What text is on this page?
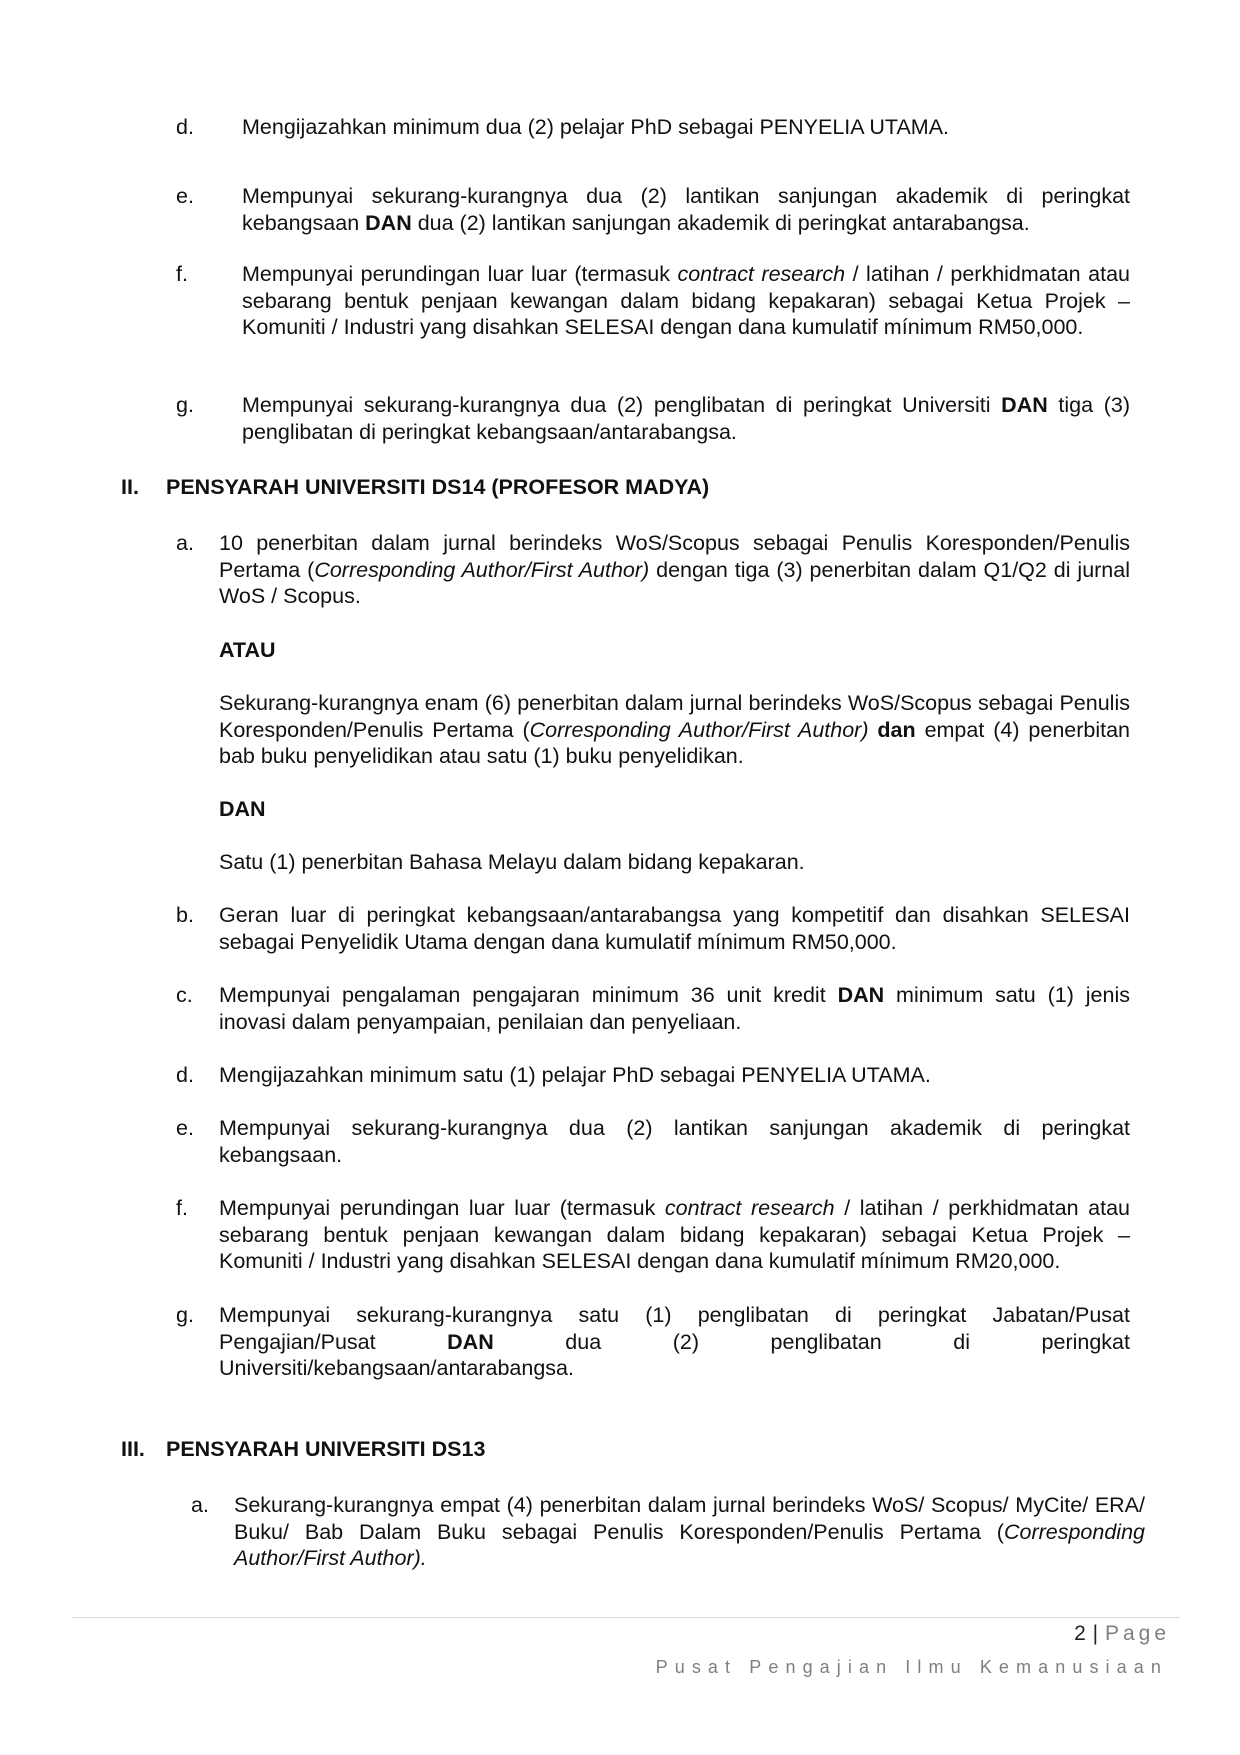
d.	Mengijazahkan minimum dua (2) pelajar PhD sebagai PENYELIA UTAMA.
e.	Mempunyai sekurang-kurangnya dua (2) lantikan sanjungan akademik di peringkat kebangsaan DAN dua (2) lantikan sanjungan akademik di peringkat antarabangsa.
f.	Mempunyai perundingan luar luar (termasuk contract research / latihan / perkhidmatan atau sebarang bentuk penjaan kewangan dalam bidang kepakaran) sebagai Ketua Projek – Komuniti / Industri yang disahkan SELESAI dengan dana kumulatif mínimum RM50,000.
g.	Mempunyai sekurang-kurangnya dua (2) penglibatan di peringkat Universiti DAN tiga (3) penglibatan di peringkat kebangsaan/antarabangsa.
II. PENSYARAH UNIVERSITI DS14 (PROFESOR MADYA)
a.	10 penerbitan dalam jurnal berindeks WoS/Scopus sebagai Penulis Koresponden/Penulis Pertama (Corresponding Author/First Author) dengan tiga (3) penerbitan dalam Q1/Q2 di jurnal WoS / Scopus.
ATAU
Sekurang-kurangnya enam (6) penerbitan dalam jurnal berindeks WoS/Scopus sebagai Penulis Koresponden/Penulis Pertama (Corresponding Author/First Author) dan empat (4) penerbitan bab buku penyelidikan atau satu (1) buku penyelidikan.
DAN
Satu (1) penerbitan Bahasa Melayu dalam bidang kepakaran.
b.	Geran luar di peringkat kebangsaan/antarabangsa yang kompetitif dan disahkan SELESAI sebagai Penyelidik Utama dengan dana kumulatif mínimum RM50,000.
c.	Mempunyai pengalaman pengajaran minimum 36 unit kredit DAN minimum satu (1) jenis inovasi dalam penyampaian, penilaian dan penyeliaan.
d.	Mengijazahkan minimum satu (1) pelajar PhD sebagai PENYELIA UTAMA.
e.	Mempunyai sekurang-kurangnya dua (2) lantikan sanjungan akademik di peringkat kebangsaan.
f.	Mempunyai perundingan luar luar (termasuk contract research / latihan / perkhidmatan atau sebarang bentuk penjaan kewangan dalam bidang kepakaran) sebagai Ketua Projek – Komuniti / Industri yang disahkan SELESAI dengan dana kumulatif mínimum RM20,000.
g.	Mempunyai sekurang-kurangnya satu (1) penglibatan di peringkat Jabatan/Pusat
Pengajian/Pusat	DAN	dua	(2)	penglibatan	di	peringkat
Universiti/kebangsaan/antarabangsa.
III. PENSYARAH UNIVERSITI DS13
a.	Sekurang-kurangnya empat (4) penerbitan dalam jurnal berindeks WoS/ Scopus/ MyCite/ ERA/ Buku/ Bab Dalam Buku sebagai Penulis Koresponden/Penulis Pertama (Corresponding Author/First Author).
2 | Page
Pusat Pengajian Ilmu Kemanusiaan
